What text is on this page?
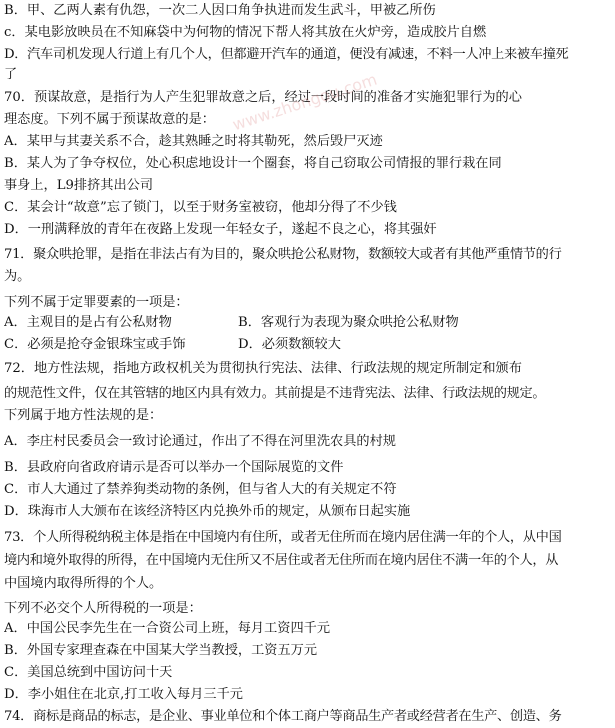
B．甲、乙两人素有仇怨，一次二人因口角争执进而发生武斗，甲被乙所伤
c．某电影放映员在不知麻袋中为何物的情况下帮人将其放在火炉旁，造成胶片自燃
D．汽车司机发现人行道上有几个人，但都避开汽车的通道，便没有减速，不料一人冲上来被车撞死
了
70．预谋故意，是指行为人产生犯罪故意之后，经过一段时间的准备才实施犯罪行为的心
理态度。下列不属于预谋故意的是：
A．某甲与其妻关系不合，趁其熟睡之时将其勒死，然后毁尸灭迹
B．某人为了争夺权位，处心积虑地设计一个圈套，将自己窃取公司情报的罪行栽在同
事身上，L9排挤其出公司
C．某会计“故意”忘了锁门，以至于财务室被窃，他却分得了不少钱
D．一刑满释放的青年在夜路上发现一年轻女子，遂起不良之心，将其强奸
71．聚众哄抢罪，是指在非法占有为目的，聚众哄抢公私财物，数额较大或者有其他严重情节的行
为。
下列不属于定罪要素的一项是：
A．主观目的是占有公私财物	B．客观行为表现为聚众哄抢公私财物
C．必须是抢夺金银珠宝或手饰	D．必须数额较大
72．地方性法规，指地方政权机关为贯彻执行宪法、法律、行政法规的规定所制定和颁布
的规范性文件，仅在其管辖的地区内具有效力。其前提是不违背宪法、法律、行政法规的规定。
下列属于地方性法规的是：
A．李庄村民委员会一致讨论通过，作出了不得在河里洗农具的村规
B．县政府向省政府请示是否可以举办一个国际展览的文件
C．市人大通过了禁养狗类动物的条例，但与省人大的有关规定不符
D．珠海市人大颁布在该经济特区内兑换外币的规定，从颁布日起实施
73．个人所得税纳税主体是指在中国境内有住所，或者无住所而在境内居住满一年的个人，从中国
境内和境外取得的所得，在中国境内无住所又不居住或者无住所而在境内居住不满一年的个人，从
中国境内取得所得的个人。
下列不必交个人所得税的一项是：
A．中国公民李先生在一合资公司上班，每月工资四千元
B．外国专家理查森在中国某大学当教授，工资五万元
C．美国总统到中国访问十天
D．李小姐住在北京,打工收入每月三千元
74．商标是商品的标志，是企业、事业单位和个体工商户等商品生产者或经营者在生产、创造、务
www.zhongou.com
